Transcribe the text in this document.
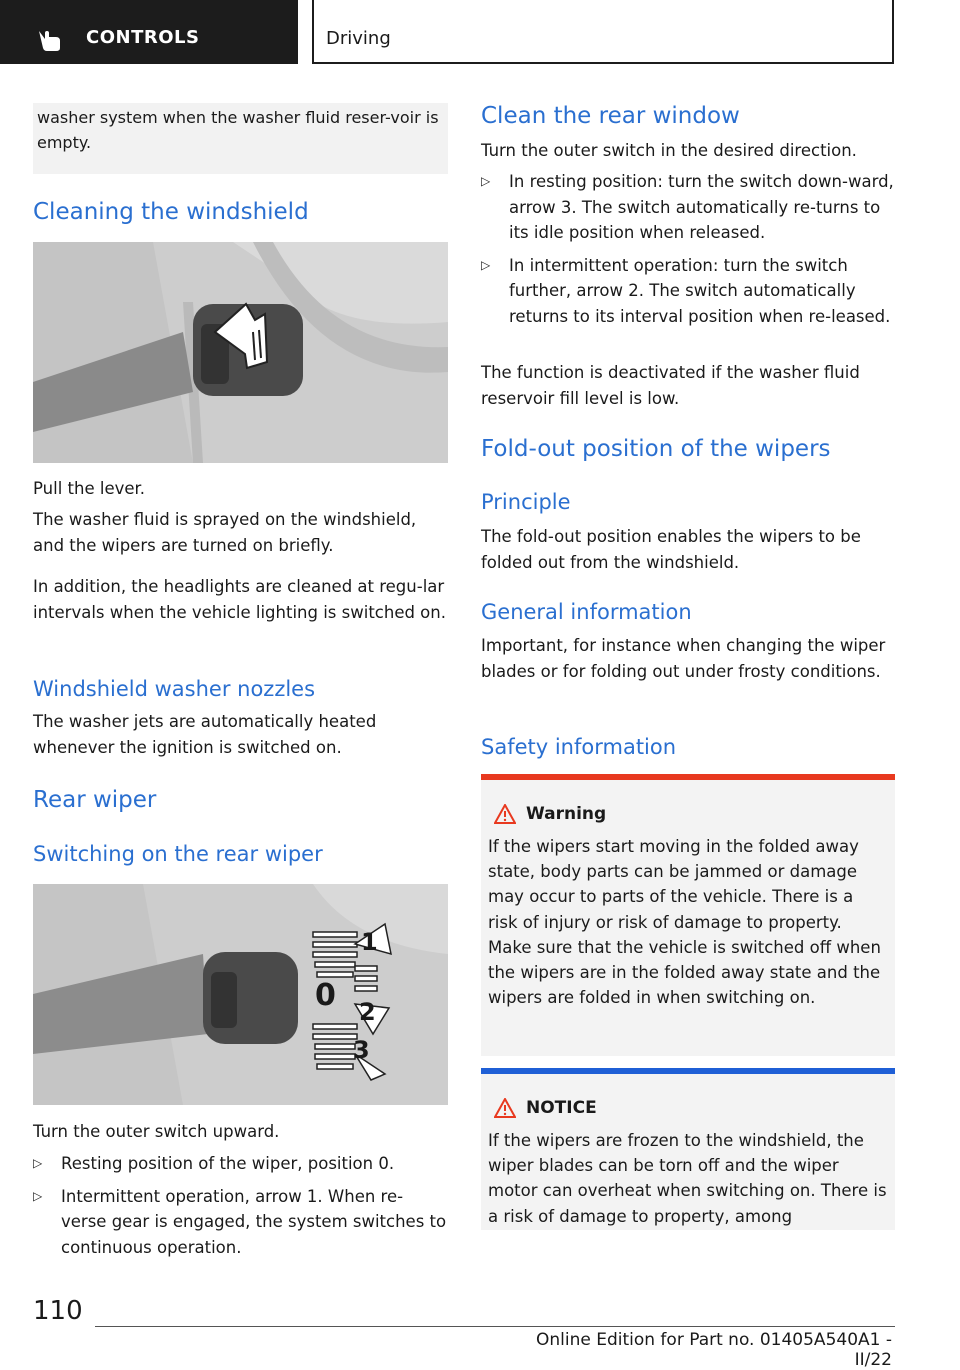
CONTROLS	Driving

washer system when the washer fluid reser-voir is empty.

Cleaning the windshield

Pull the lever.

The washer fluid is sprayed on the windshield, and the wipers are turned on briefly.

In addition, the headlights are cleaned at regu-lar intervals when the vehicle lighting is switched on.

Windshield washer nozzles

The washer jets are automatically heated whenever the ignition is switched on.

Rear wiper
Switching on the rear wiper
1
0 2
3

Turn the outer switch upward.

▷ Resting position of the wiper, position 0.
▷ Intermittent operation, arrow 1. When re-verse gear is engaged, the system switches to continuous operation.
Clean the rear window

Turn the outer switch in the desired direction.

▷ In resting position: turn the switch down-ward, arrow 3. The switch automatically re-turns to its idle position when released.
▷ In intermittent operation: turn the switch further, arrow 2. The switch automatically returns to its interval position when re-leased.

The function is deactivated if the washer fluid reservoir fill level is low.

Fold-out position of the wipers
Principle

The fold-out position enables the wipers to be folded out from the windshield.

General information

Important, for instance when changing the wiper blades or for folding out under frosty conditions.

Safety information
Warning

If the wipers start moving in the folded away state, body parts can be jammed or damage may occur to parts of the vehicle. There is a risk of injury or risk of damage to property. Make sure that the vehicle is switched off when the wipers are in the folded away state and the wipers are folded in when switching on.

NOTICE

If the wipers are frozen to the windshield, the wiper blades can be torn off and the wiper motor can overheat when switching on. There is a risk of damage to property, among

110
Online Edition for Part no. 01405A540A1 - II/22
